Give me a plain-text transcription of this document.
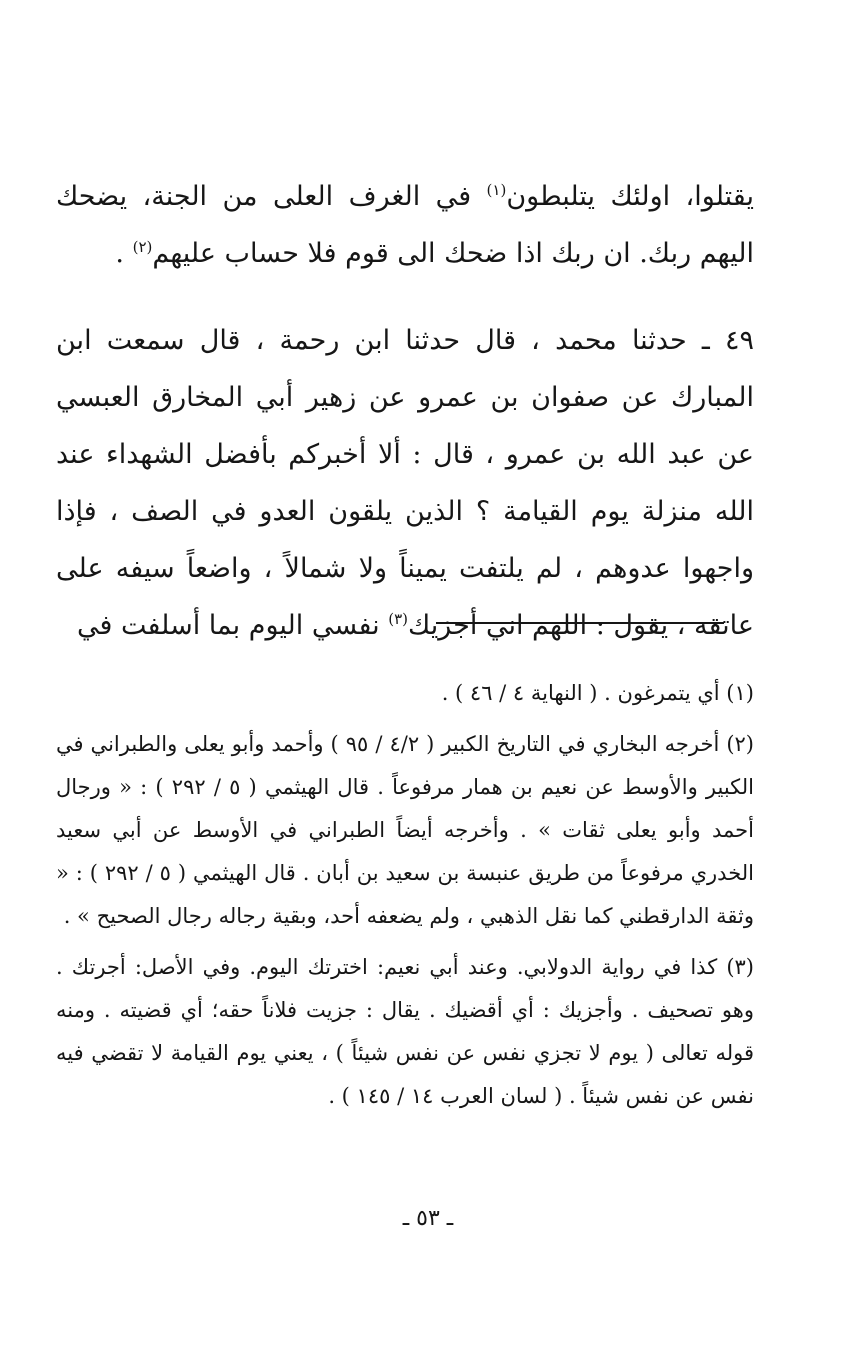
يقتلوا، اولئك يتلبطون$^{(١)}$ في الغرف العلى من الجنة، يضحك اليهم ربك. ان ربك اذا ضحك الى قوم فلا حساب عليهم$^{(٢)}$ .

٤٩ ـ حدثنا محمد ، قال حدثنا ابن رحمة ، قال سمعت ابن المبارك عن صفوان بن عمرو عن زهير أبي المخارق العبسي عن عبد الله بن عمرو ، قال : ألا أخبركم بأفضل الشهداء عند الله منزلة يوم القيامة ؟ الذين يلقون العدو في الصف ، فإذا واجهوا عدوهم ، لم يلتفت يميناً ولا شمالاً ، واضعاً سيفه على عاتقه ، يقول : اللهم اني أجزيك$^{(٣)}$ نفسي اليوم بما أسلفت في

(١) أي يتمرغون . ( النهاية ٤ / ٤٦ ) .

(٢) أخرجه البخاري في التاريخ الكبير ( ٤/٢ / ٩٥ ) وأحمد وأبو يعلى والطبراني في الكبير والأوسط عن نعيم بن همار مرفوعاً . قال الهيثمي ( ٥ / ٢٩٢ ) : « ورجال أحمد وأبو يعلى ثقات » . وأخرجه أيضاً الطبراني في الأوسط عن أبي سعيد الخدري مرفوعاً من طريق عنبسة بن سعيد بن أبان . قال الهيثمي ( ٥ / ٢٩٢ ) : « وثقة الدارقطني كما نقل الذهبي ، ولم يضعفه أحد، وبقية رجاله رجال الصحيح » .

(٣) كذا في رواية الدولابي. وعند أبي نعيم: اخترتك اليوم. وفي الأصل: أجرتك . وهو تصحيف . وأجزيك : أي أقضيك . يقال : جزيت فلاناً حقه؛ أي قضيته . ومنه قوله تعالى ( يوم لا تجزي نفس عن نفس شيئاً ) ، يعني يوم القيامة لا تقضي فيه نفس عن نفس شيئاً . ( لسان العرب ١٤ / ١٤٥ ) .

ـ ٥٣ ـ
